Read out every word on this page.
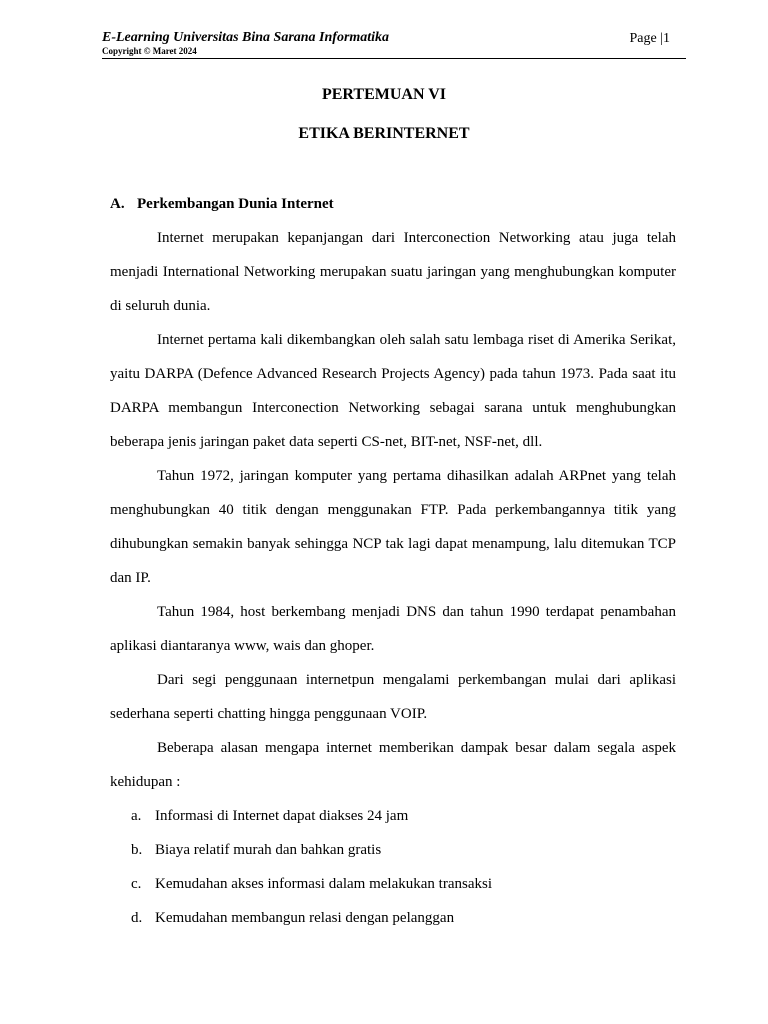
E-Learning Universitas Bina Sarana Informatika
Copyright © Maret 2024
Page |1
PERTEMUAN VI
ETIKA BERINTERNET
A. Perkembangan Dunia Internet

Internet merupakan kepanjangan dari Interconection Networking atau juga telah menjadi International Networking merupakan suatu jaringan yang menghubungkan komputer di seluruh dunia.

Internet pertama kali dikembangkan oleh salah satu lembaga riset di Amerika Serikat, yaitu DARPA (Defence Advanced Research Projects Agency) pada tahun 1973. Pada saat itu DARPA membangun Interconection Networking sebagai sarana untuk menghubungkan beberapa jenis jaringan paket data seperti CS-net, BIT-net, NSF-net, dll.

Tahun 1972, jaringan komputer yang pertama dihasilkan adalah ARPnet yang telah menghubungkan 40 titik dengan menggunakan FTP. Pada perkembangannya titik yang dihubungkan semakin banyak sehingga NCP tak lagi dapat menampung, lalu ditemukan TCP dan IP.

Tahun 1984, host berkembang menjadi DNS dan tahun 1990 terdapat penambahan aplikasi diantaranya www, wais dan ghoper.

Dari segi penggunaan internetpun mengalami perkembangan mulai dari aplikasi sederhana seperti chatting hingga penggunaan VOIP.

Beberapa alasan mengapa internet memberikan dampak besar dalam segala aspek kehidupan :

a. Informasi di Internet dapat diakses 24 jam
b. Biaya relatif murah dan bahkan gratis
c. Kemudahan akses informasi dalam melakukan transaksi
d. Kemudahan membangun relasi dengan pelanggan
